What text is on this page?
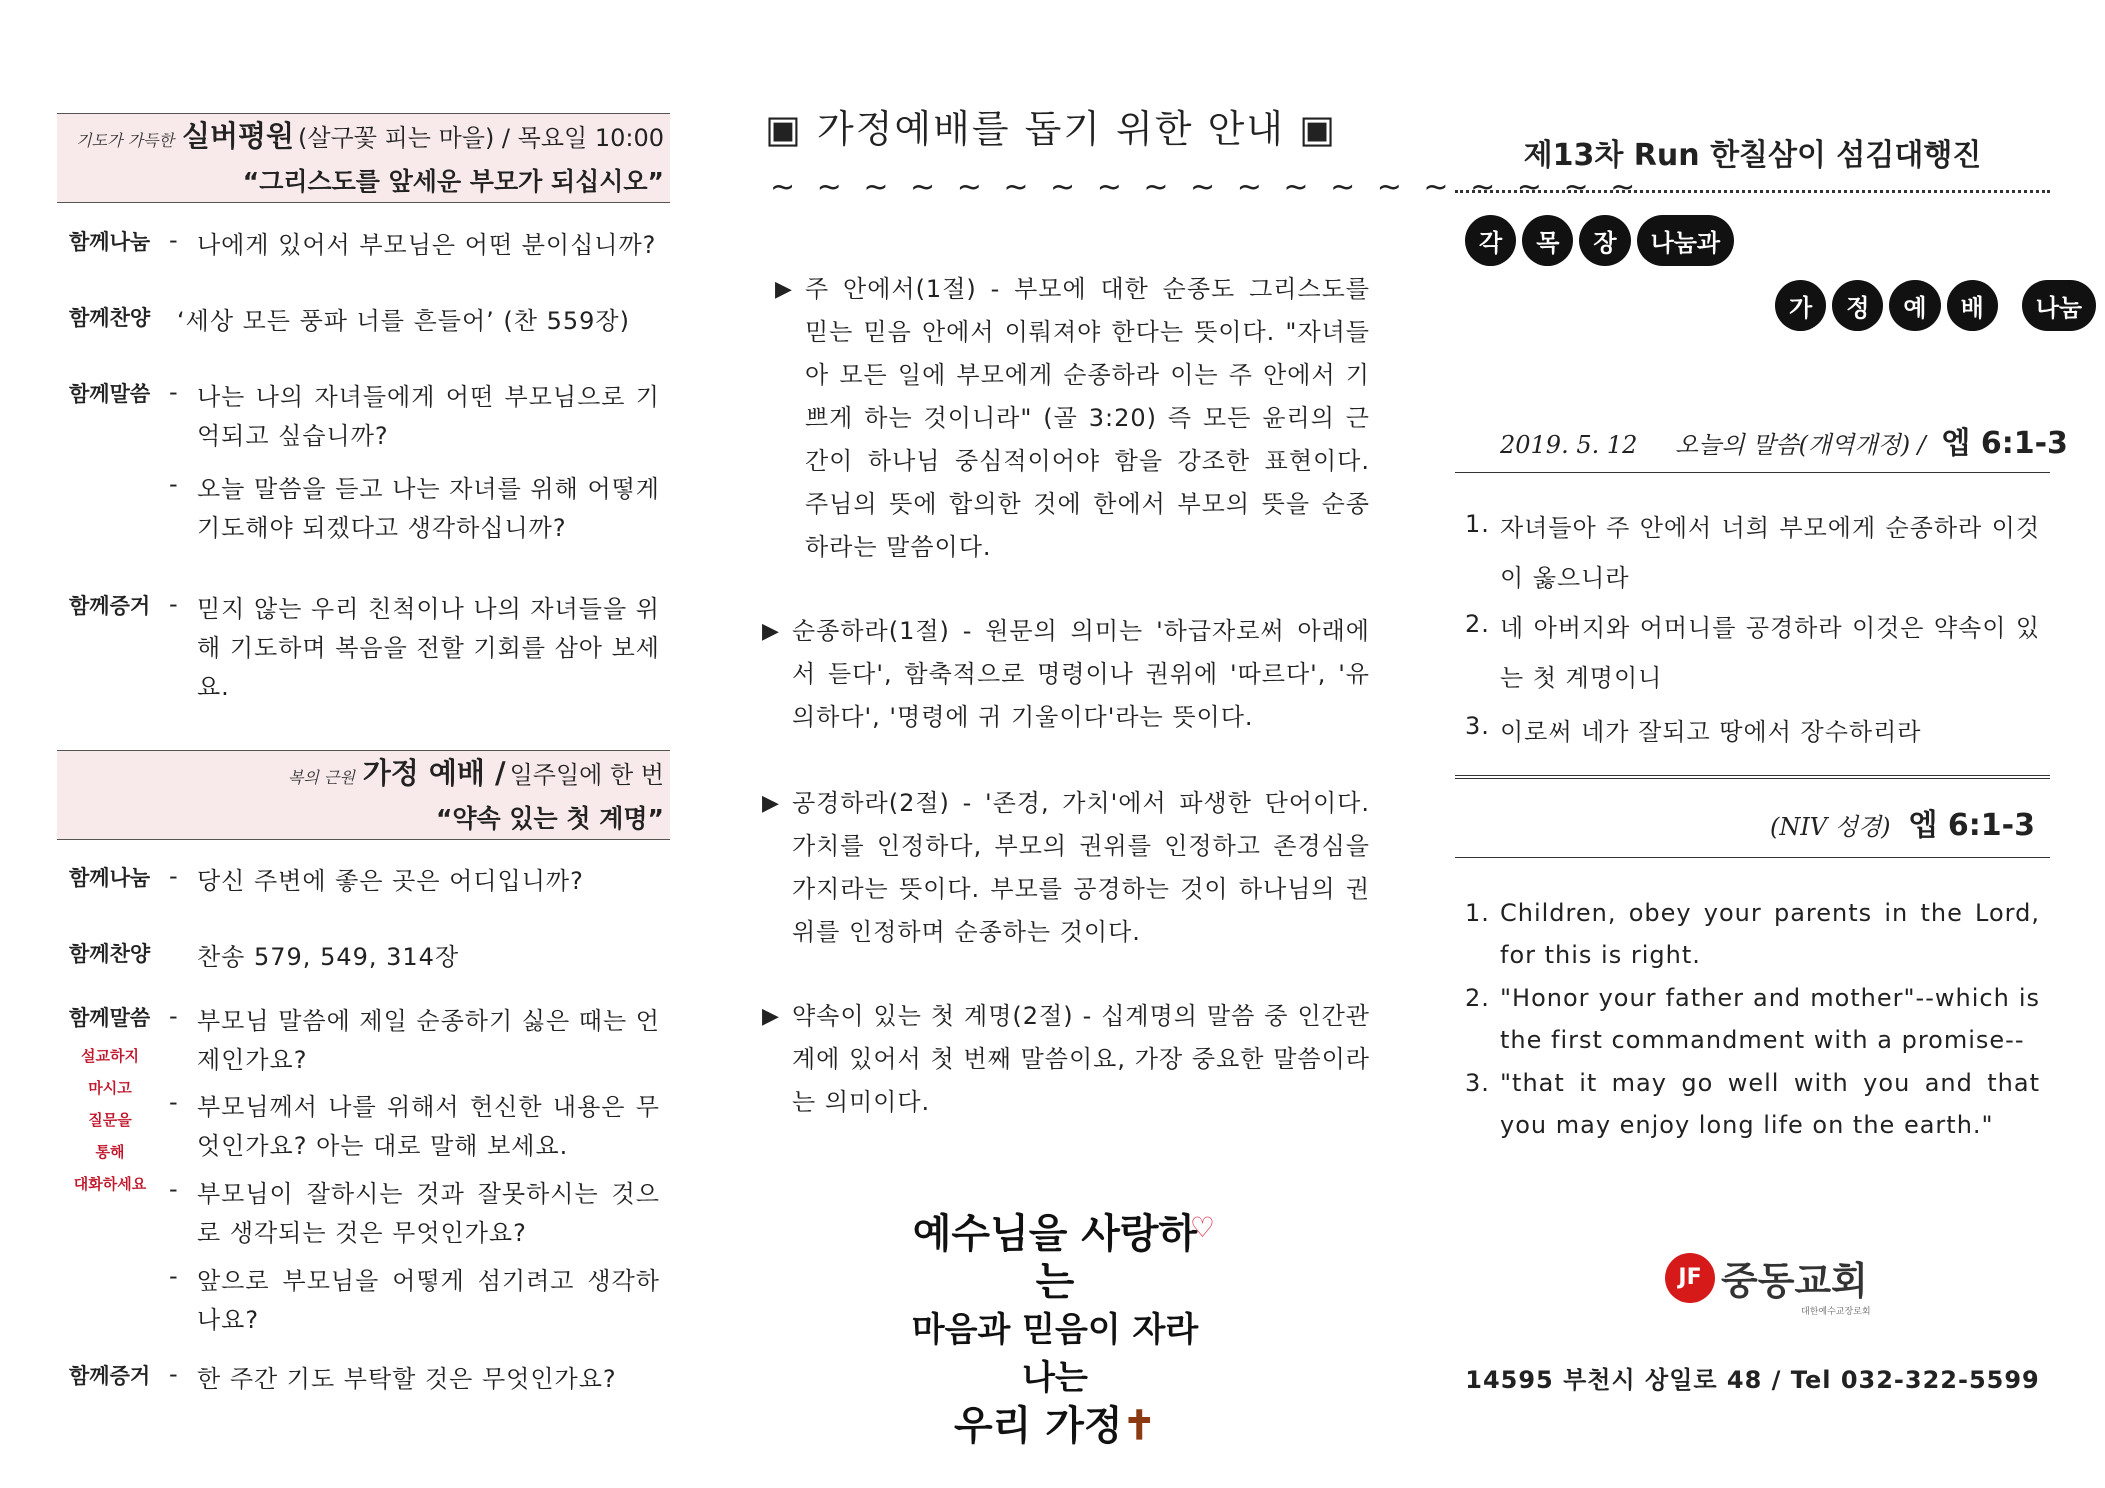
기도가 가득한 실버평원 (살구꽃 피는 마을) / 목요일 10:00
“그리스도를 앞세운 부모가 되십시오”
함께나눔 - 나에게 있어서 부모님은 어떤 분이십니까?
함께찬양 ‘세상 모든 풍파 너를 흔들어’ (찬 559장)
함께말씀 - 나는 나의 자녀들에게 어떤 부모님으로 기억되고 싶습니까?
- 오늘 말씀을 듣고 나는 자녀를 위해 어떻게 기도해야 되겠다고 생각하십니까?
함께증거 - 믿지 않는 우리 친척이나 나의 자녀들을 위해 기도하며 복음을 전할 기회를 삼아 보세요.
복의 근원 가정 예배 / 일주일에 한 번
“약속 있는 첫 계명”
함께나눔 - 당신 주변에 좋은 곳은 어디입니까?
함께찬양 찬송 579, 549, 314장
함께말씀 - 부모님 말씀에 제일 순종하기 싫은 때는 언제인가요?
- 부모님께서 나를 위해서 헌신한 내용은 무엇인가요? 아는 대로 말해 보세요.
- 부모님이 잘하시는 것과 잘못하시는 것으로 생각되는 것은 무엇인가요?
- 앞으로 부모님을 어떻게 섬기려고 생각하나요?
함께증거 - 한 주간 기도 부탁할 것은 무엇인가요?
설교하지
마시고
질문을
통해
대화하세요
▣ 가정예배를 돕기 위한 안내 ▣
~ ~ ~ ~ ~ ~ ~ ~ ~ ~ ~ ~ ~ ~ ~ ~ ~ ~ ~
▶ 주 안에서(1절) - 부모에 대한 순종도 그리스도를 믿는 믿음 안에서 이뤄져야 한다는 뜻이다. "자녀들아 모든 일에 부모에게 순종하라 이는 주 안에서 기쁘게 하는 것이니라" (골 3:20) 즉 모든 윤리의 근간이 하나님 중심적이어야 함을 강조한 표현이다. 주님의 뜻에 합의한 것에 한에서 부모의 뜻을 순종하라는 말씀이다.
▶ 순종하라(1절) - 원문의 의미는 '하급자로써 아래에서 듣다', 함축적으로 명령이나 권위에 '따르다', '유의하다', '명령에 귀 기울이다'라는 뜻이다.
▶ 공경하라(2절) - '존경, 가치'에서 파생한 단어이다. 가치를 인정하다, 부모의 권위를 인정하고 존경심을 가지라는 뜻이다. 부모를 공경하는 것이 하나님의 권위를 인정하며 순종하는 것이다.
▶ 약속이 있는 첫 계명(2절) - 십계명의 말씀 중 인간관계에 있어서 첫 번째 말씀이요, 가장 중요한 말씀이라는 의미이다.
♡
예수님을 사랑하는
마음과 믿음이 자라나는
우리 가정✝
제13차 Run 한칠삼이 섬김대행진
각 목 장 나눔과
가 정 예 배 나눔
2019. 5. 12 오늘의 말씀(개역개정) / 엡 6:1-3
1. 자녀들아 주 안에서 너희 부모에게 순종하라 이것이 옳으니라
2. 네 아버지와 어머니를 공경하라 이것은 약속이 있는 첫 계명이니
3. 이로써 네가 잘되고 땅에서 장수하리라
(NIV 성경) 엡 6:1-3
1. Children, obey your parents in the Lord, for this is right.
2. "Honor your father and mother"--which is the first commandment with a promise--
3. "that it may go well with you and that you may enjoy long life on the earth."
JF 중동교회
대한예수교장로회
14595 부천시 상일로 48 / Tel 032-322-5599
